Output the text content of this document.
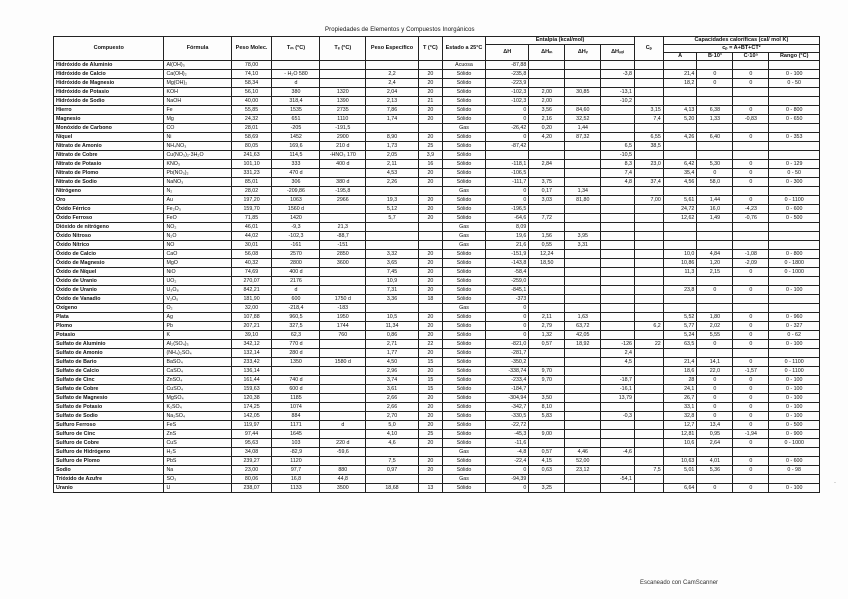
Propiedades de Elementos y Compuestos Inorgánicos
Compuesto	Fórmula	Peso Molec.	Tₘ (°C)	Tₑ (°C)	Peso Específico	T (°C)	Estado a 25°C	Entalpía (kcal/mol)				Cₚ	Capacidades caloríficas (cal/ mol K)			
								ΔH	ΔHₘ	ΔHᵥ	ΔHₛₒₗ		cₚ = A+BT+CT²			
													A	B·10³	C·10⁵	Rango (°C)
Hidróxido de Aluminio	Al(OH)₃	78,00					Acuosa	-87,88								
Hidróxido de Calcio	Ca(OH)₂	74,10	- H₂O 580		2,2	20	Sólido	-235,8			-3,8		21,4	0	0	0 - 100
Hidróxido de Magnesio	Mg(OH)₂	58,34	d		2,4	20	Sólido	-223,9					18,2	0	0	0 - 50
Hidróxido de Potasio	KOH	56,10	380	1320	2,04	20	Sólido	-102,3	2,00	30,85	-13,1					
Hidróxido de Sodio	NaOH	40,00	318,4	1390	2,13	21	Sólido	-102,3	2,00		-10,2					
Hierro	Fe	55,85	1535	2735	7,86	20	Sólido	0	3,56	84,60		3,15	4,13	6,38	0	0 - 800
Magnesio	Mg	24,32	651	1110	1,74	20	Sólido	0	2,16	32,52		7,4	5,20	1,33	-0,83	0 - 650
Monóxido de Carbono	CO	28,01	-205	-191,5			Gas	-26,42	0,20	1,44						
Níquel	Ni	58,69	1452	2900	8,90	20	Sólido	0	4,20	87,32		6,55	4,26	6,40	0	0 - 353
Nitrato de Amonio	NH₄NO₃	80,05	169,6	210 d	1,73	25	Sólido	-87,42			6,5	38,5				
Nitrato de Cobre	Cu(NO₃)₂·3H₂O	241,63	114,5	-HNO₃ 170	2,05	3,9	Sólido				-10,5					
Nitrato de Potasio	KNO₃	101,10	333	400 d	2,11	16	Sólido	-118,1	2,84		8,3	23,0	6,42	5,30	0	0 - 129
Nitrato de Plomo	Pb(NO₃)₂	331,23	470 d		4,53	20	Sólido	-106,5			7,4		35,4	0	0	0 - 50
Nitrato de Sodio	NaNO₃	85,01	306	380 d	2,26	20	Sólido	-111,7	3,75		4,8	37,4	4,56	58,0	0	0 - 300
Nitrógeno	N₂	28,02	-209,86	-195,8			Gas	0	0,17	1,34						
Oro	Au	197,20	1063	2966	19,3	20	Sólido	0	3,03	81,80		7,00	5,61	1,44	0	0 - 1100
Óxido Férrico	Fe₂O₃	159,70	1560 d		5,12	20	Sólido	-196,5					24,72	16,0	-4,23	0 - 600
Óxido Ferroso	FeO	71,85	1420		5,7	20	Sólido	-64,6	7,72				12,62	1,49	-0,76	0 - 500
Dióxido de nitrógeno	NO₂	46,01	-9,3	21,3			Gas	8,09								
Óxido Nitroso	N₂O	44,02	-102,3	-88,7			Gas	19,6	1,56	3,95						
Óxido Nítrico	NO	30,01	-161	-151			Gas	21,6	0,55	3,31						
Óxido de Calcio	CaO	56,08	2570	2850	3,32	20	Sólido	-151,9	12,24				10,0	4,84	-1,08	0 - 800
Óxido de Magnesio	MgO	40,32	2800	3600	3,65	20	Sólido	-143,8	18,50				10,86	1,20	-2,09	0 - 1800
Óxido de Níquel	NiO	74,69	400 d		7,45	20	Sólido	-58,4					11,3	2,15	0	0 - 1000
Óxido de Uranio	UO₂	270,07	2176		10,9	20	Sólido	-259,0								
Óxido de Uranio	U₃O₈	842,21	d		7,31	20	Sólido	-845,1					23,8	0	0	0 - 100
Óxido de Vanadio	V₂O₅	181,90	600	1750 d	3,36	18	Sólido	-373								
Oxígeno	O₂	32,00	-218,4	-183			Gas	0								
Plata	Ag	107,88	960,5	1950	10,5	20	Sólido	0	2,11	1,63			5,52	1,80	0	0 - 960
Plomo	Pb	207,21	327,5	1744	11,34	20	Sólido	0	2,79	63,72		6,2	5,77	2,02	0	0 - 327
Potasio	K	39,10	62,3	760	0,86	20	Sólido	0	1,32	42,05			5,24	5,55	0	0 - 62
Sulfato de Aluminio	Al₂(SO₄)₃	342,12	770 d		2,71	22	Sólido	-821,0	0,57	18,92	-126	22	63,5	0	0	0 - 100
Sulfato de Amonio	(NH₄)₂SO₄	132,14	280 d		1,77	20	Sólido	-281,7			2,4					
Sulfato de Bario	BaSO₄	233,42	1350	1580 d	4,50	15	Sólido	-350,2			4,5		21,4	14,1	0	0 - 1100
Sulfato de Calcio	CaSO₄	136,14			2,96	20	Sólido	-338,74	9,70				18,6	22,0	-1,57	0 - 1100
Sulfato de Cinc	ZnSO₄	161,44	740 d		3,74	15	Sólido	-233,4	9,70		-18,7		28	0	0	0 - 100
Sulfato de Cobre	CuSO₄	159,63	600 d		3,61	15	Sólido	-184,7			-16,1		24,1	0	0	0 - 100
Sulfato de Magnesio	MgSO₄	120,38	1185		2,66	20	Sólido	-304,94	3,50		13,79		26,7	0	0	0 - 100
Sulfato de Potasio	K₂SO₄	174,25	1074		2,66	20	Sólido	-342,7	8,10				33,1	0	0	0 - 100
Sulfato de Sodio	Na₂SO₄	142,05	884		2,70	20	Sólido	-330,5	5,83		-0,3		32,8	0	0	0 - 100
Sulfuro Ferroso	FeS	119,97	1171	d	5,0	20	Sólido	-22,72					12,7	13,4	0	0 - 500
Sulfuro de Cinc	ZnS	97,44	1645		4,10	25	Sólido	-45,3	9,00				12,81	0,95	-1,94	0 - 900
Sulfuro de Cobre	CuS	95,63	103	220 d	4,6	20	Sólido	-11,6					10,6	2,64	0	0 - 1000
Sulfuro de Hidrógeno	H₂S	34,08	-82,9	-59,6			Gas	-4,8	0,57	4,46	-4,6					
Sulfuro de Plomo	PbS	239,27	1120		7,5	20	Sólido	-22,4	4,15	52,00			10,63	4,01	0	0 - 600
Sodio	Na	23,00	97,7	880	0,97	20	Sólido	0	0,63	23,12		7,5	5,01	5,36	0	0 - 98
Trióxido de Azufre	SO₃	80,06	16,8	44,8			Gas	-94,39			-54,1					
Uranio	U	238,07	1133	3500	18,68	13	Sólido	0	3,25				6,64	0	0	0 - 100
Escaneado con CamScanner
·
